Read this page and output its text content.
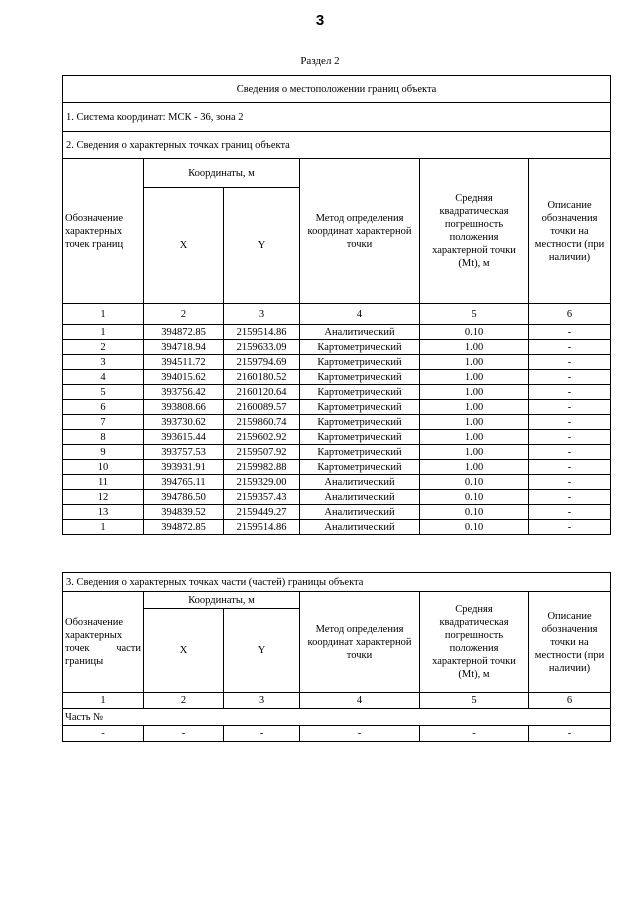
3
Раздел 2
Сведения о местоположении границ объекта					
1. Система координат: МСК - 36, зона 2					
2. Сведения о характерных точках границ объекта					
Обозначение характерных точек границ	Координаты, м		Метод определения координат характерной точки	Средняя квадратическая погрешность положения характерной точки (Mt), м	Описание обозначения точки на местности (при наличии)
	X	Y			
1	2	3	4	5	6
1	394872.85	2159514.86	Аналитический	0.10	-
2	394718.94	2159633.09	Картометрический	1.00	-
3	394511.72	2159794.69	Картометрический	1.00	-
4	394015.62	2160180.52	Картометрический	1.00	-
5	393756.42	2160120.64	Картометрический	1.00	-
6	393808.66	2160089.57	Картометрический	1.00	-
7	393730.62	2159860.74	Картометрический	1.00	-
8	393615.44	2159602.92	Картометрический	1.00	-
9	393757.53	2159507.92	Картометрический	1.00	-
10	393931.91	2159982.88	Картометрический	1.00	-
11	394765.11	2159329.00	Аналитический	0.10	-
12	394786.50	2159357.43	Аналитический	0.10	-
13	394839.52	2159449.27	Аналитический	0.10	-
1	394872.85	2159514.86	Аналитический	0.10	-
3. Сведения о характерных точках части (частей) границы объекта					
Обозначение характерных точек части границы	Координаты, м		Метод определения координат характерной точки	Средняя квадратическая погрешность положения характерной точки (Mt), м	Описание обозначения точки на местности (при наличии)
	X	Y			
1	2	3	4	5	6
Часть №					
-	-	-	-	-	-
